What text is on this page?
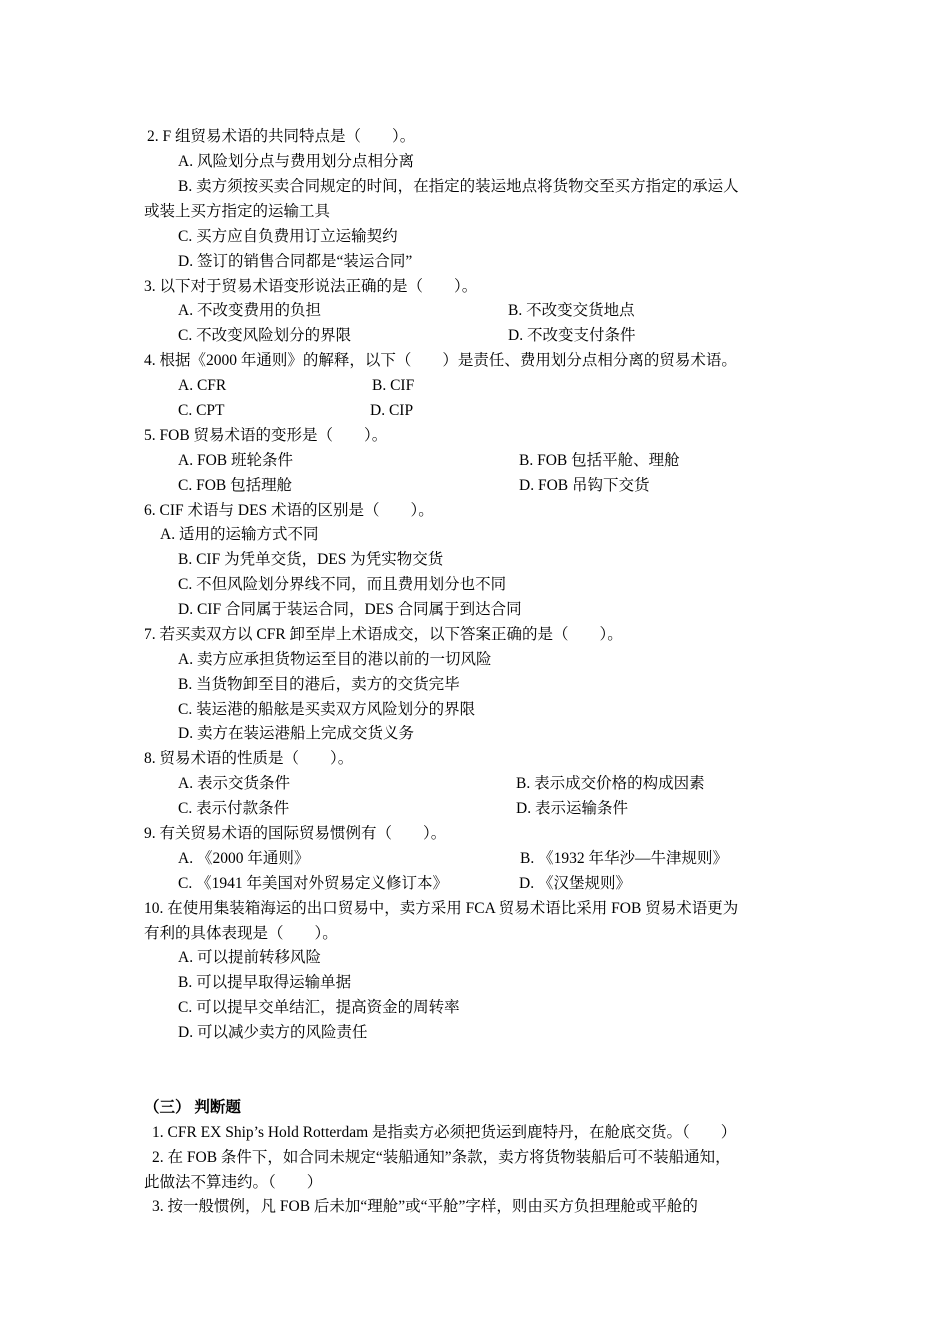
2. F 组贸易术语的共同特点是（　　）。
A. 风险划分点与费用划分点相分离
B. 卖方须按买卖合同规定的时间，在指定的装运地点将货物交至买方指定的承运人
或装上买方指定的运输工具
C. 买方应自负费用订立运输契约
D. 签订的销售合同都是“装运合同”
3. 以下对于贸易术语变形说法正确的是（　　）。
A. 不改变费用的负担	B. 不改变交货地点
C. 不改变风险划分的界限	D. 不改变支付条件
4. 根据《2000 年通则》的解释，以下（　　）是责任、费用划分点相分离的贸易术语。
A. CFR	B. CIF
C. CPT	D. CIP
5. FOB 贸易术语的变形是（　　）。
A. FOB 班轮条件	B. FOB 包括平舱、理舱
C. FOB 包括理舱	D. FOB 吊钩下交货
6. CIF 术语与 DES 术语的区别是（　　）。
A. 适用的运输方式不同
B. CIF 为凭单交货，DES 为凭实物交货
C. 不但风险划分界线不同，而且费用划分也不同
D. CIF 合同属于装运合同，DES 合同属于到达合同
7. 若买卖双方以 CFR 卸至岸上术语成交，以下答案正确的是（　　）。
A. 卖方应承担货物运至目的港以前的一切风险
B. 当货物卸至目的港后，卖方的交货完毕
C. 装运港的船舷是买卖双方风险划分的界限
D. 卖方在装运港船上完成交货义务
8. 贸易术语的性质是（　　）。
A. 表示交货条件	B. 表示成交价格的构成因素
C. 表示付款条件	D. 表示运输条件
9. 有关贸易术语的国际贸易惯例有（　　）。
A. 《2000 年通则》	B. 《1932 年华沙—牛津规则》
C. 《1941 年美国对外贸易定义修订本》	D. 《汉堡规则》
10. 在使用集装箱海运的出口贸易中，卖方采用 FCA 贸易术语比采用 FOB 贸易术语更为
有利的具体表现是（　　）。
A. 可以提前转移风险
B. 可以提早取得运输单据
C. 可以提早交单结汇，提高资金的周转率
D. 可以减少卖方的风险责任
（三） 判断题
1. CFR EX Ship’s Hold Rotterdam 是指卖方必须把货运到鹿特丹，在舱底交货。（　　）
2. 在 FOB 条件下，如合同未规定“装船通知”条款，卖方将货物装船后可不装船通知，
此做法不算违约。（　　）
3. 按一般惯例，凡 FOB 后未加“理舱”或“平舱”字样，则由买方负担理舱或平舱的
